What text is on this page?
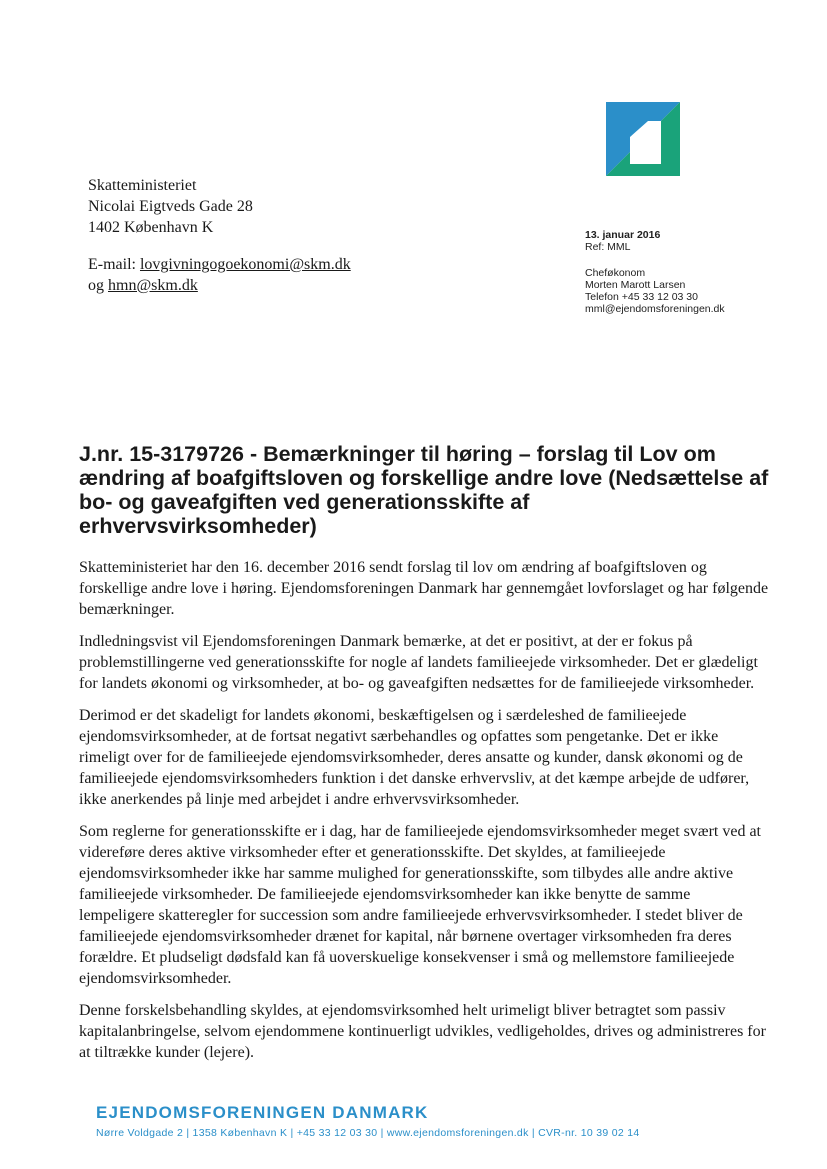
Skatteministeriet
Nicolai Eigtveds Gade 28
1402 København K
E-mail: lovgivningogoekonomi@skm.dk
og hmn@skm.dk
13. januar 2016
Ref: MML
Cheføkonom
Morten Marott Larsen
Telefon +45 33 12 03 30
mml@ejendomsforeningen.dk
J.nr. 15-3179726 - Bemærkninger til høring – forslag til Lov om ændring af boafgiftsloven og forskellige andre love (Nedsættelse af bo- og gaveafgiften ved generationsskifte af erhvervsvirksomheder)

Skatteministeriet har den 16. december 2016 sendt forslag til lov om ændring af boafgiftsloven og forskellige andre love i høring. Ejendomsforeningen Danmark har gennemgået lovforslaget og har følgende bemærkninger.

Indledningsvist vil Ejendomsforeningen Danmark bemærke, at det er positivt, at der er fokus på problemstillingerne ved generationsskifte for nogle af landets familieejede virksomheder. Det er glædeligt for landets økonomi og virksomheder, at bo- og gaveafgiften nedsættes for de familieejede virksomheder.

Derimod er det skadeligt for landets økonomi, beskæftigelsen og i særdeleshed de familieejede ejendomsvirksomheder, at de fortsat negativt særbehandles og opfattes som pengetanke. Det er ikke rimeligt over for de familieejede ejendomsvirksomheder, deres ansatte og kunder, dansk økonomi og de familieejede ejendomsvirksomheders funktion i det danske erhvervsliv, at det kæmpe arbejde de udfører, ikke anerkendes på linje med arbejdet i andre erhvervsvirksomheder.

Som reglerne for generationsskifte er i dag, har de familieejede ejendomsvirksomheder meget svært ved at videreføre deres aktive virksomheder efter et generationsskifte. Det skyldes, at familieejede ejendomsvirksomheder ikke har samme mulighed for generationsskifte, som tilbydes alle andre aktive familieejede virksomheder. De familieejede ejendomsvirksomheder kan ikke benytte de samme lempeligere skatteregler for succession som andre familieejede erhvervsvirksomheder. I stedet bliver de familieejede ejendomsvirksomheder drænet for kapital, når børnene overtager virksomheden fra deres forældre. Et pludseligt dødsfald kan få uoverskuelige konsekvenser i små og mellemstore familieejede ejendomsvirksomheder.

Denne forskelsbehandling skyldes, at ejendomsvirksomhed helt urimeligt bliver betragtet som passiv kapitalanbringelse, selvom ejendommene kontinuerligt udvikles, vedligeholdes, drives og administreres for at tiltrække kunder (lejere).

EJENDOMSFORENINGEN DANMARK
Nørre Voldgade 2 | 1358 København K | +45 33 12 03 30 | www.ejendomsforeningen.dk | CVR-nr. 10 39 02 14
